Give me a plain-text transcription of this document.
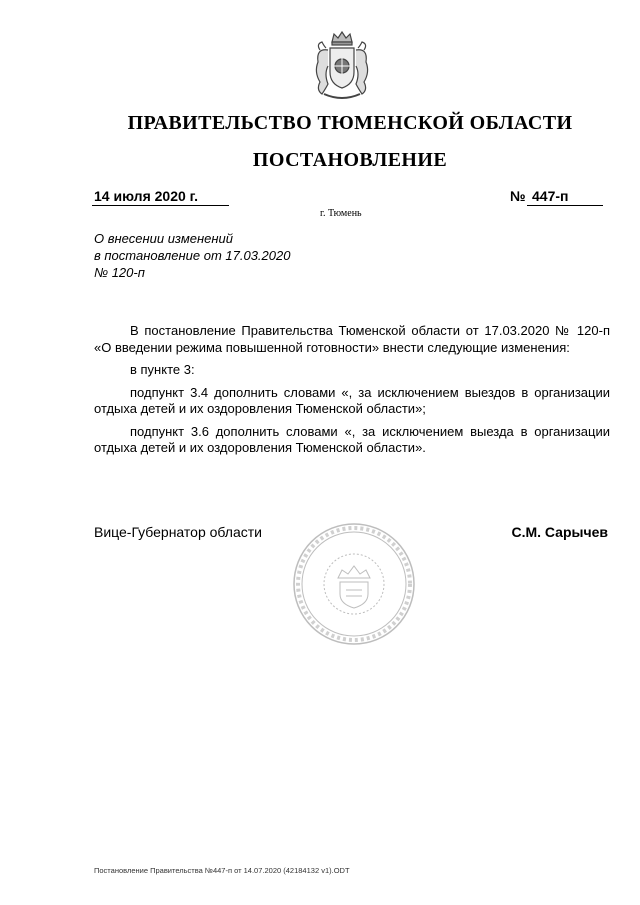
ПРАВИТЕЛЬСТВО ТЮМЕНСКОЙ ОБЛАСТИ
ПОСТАНОВЛЕНИЕ
14 июля 2020 г.	№ 447-п
г. Тюмень
О внесении изменений
в постановление от 17.03.2020
№ 120-п

В постановление Правительства Тюменской области от 17.03.2020 № 120-п «О введении режима повышенной готовности» внести следующие изменения:

в пункте 3:

подпункт 3.4 дополнить словами «, за исключением выездов в организации отдыха детей и их оздоровления Тюменской области»;

подпункт 3.6 дополнить словами «, за исключением выезда в организации отдыха детей и их оздоровления Тюменской области».

Вице-Губернатор области	С.М. Сарычев
Постановление Правительства №447-п от 14.07.2020 (42184132 v1).ODT
